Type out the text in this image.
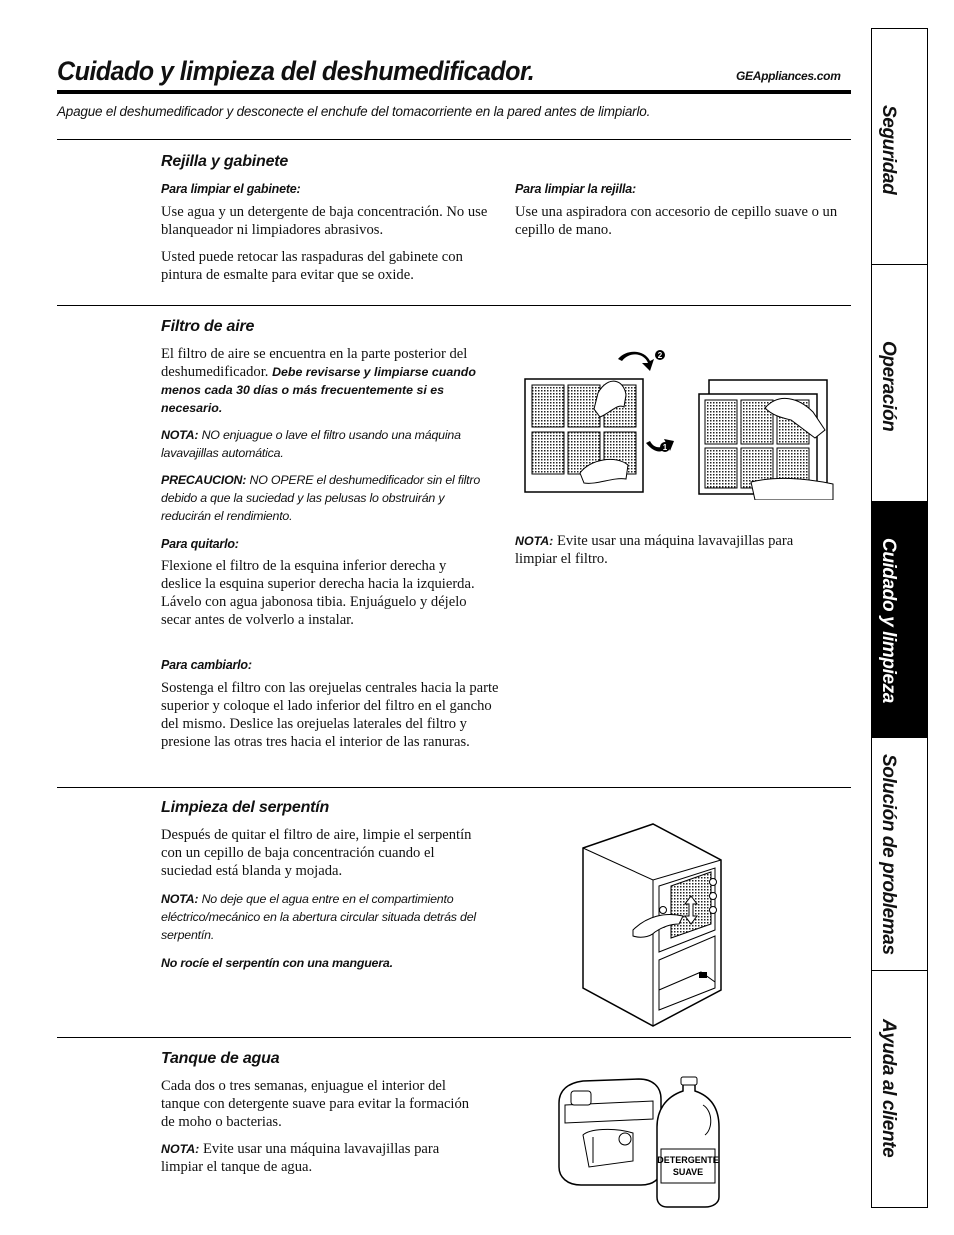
Cuidado y limpieza del deshumedificador.	GEAppliances.com
Apague el deshumedificador y desconecte el enchufe del tomacorriente en la pared antes de limpiarlo.
Rejilla y gabinete
Para limpiar el gabinete:
Use agua y un detergente de baja concentración. No use blanqueador ni limpiadores abrasivos.
Usted puede retocar las raspaduras del gabinete con pintura de esmalte para evitar que se oxide.
Para limpiar la rejilla:
Use una aspiradora con accesorio de cepillo suave o un cepillo de mano.
Filtro de aire
El filtro de aire se encuentra en la parte posterior del deshumedificador. Debe revisarse y limpiarse cuando menos cada 30 días o más frecuentemente si es necesario.
NOTA: NO enjuague o lave el filtro usando una máquina lavavajillas automática.
PRECAUCION: NO OPERE el deshumedificador sin el filtro debido a que la suciedad y las pelusas lo obstruirán y reducirán el rendimiento.
Para quitarlo:
Flexione el filtro de la esquina inferior derecha y deslice la esquina superior derecha hacia la izquierda. Lávelo con agua jabonosa tibia. Enjuáguelo y déjelo secar antes de volverlo a instalar.
Para cambiarlo:
Sostenga el filtro con las orejuelas centrales hacia la parte superior y coloque el lado inferior del filtro en el gancho del mismo. Deslice las orejuelas laterales del filtro y presione las otras tres hacia el interior de las ranuras.
NOTA: Evite usar una máquina lavavajillas para limpiar el filtro.
2
1
Limpieza del serpentín
Después de quitar el filtro de aire, limpie el serpentín con un cepillo de baja concentración cuando el suciedad está blanda y mojada.
NOTA: No deje que el agua entre en el compartimiento eléctrico/mecánico en la abertura circular situada detrás del serpentín.
No rocíe el serpentín con una manguera.
Tanque de agua
Cada dos o tres semanas, enjuague el interior del tanque con detergente suave para evitar la formación de moho o bacterias.
NOTA: Evite usar una máquina lavavajillas para limpiar el tanque de agua.	DETERGENTE
SUAVE
Seguridad
Operación
Cuidado y limpieza
Solución de problemas
Ayuda al cliente
